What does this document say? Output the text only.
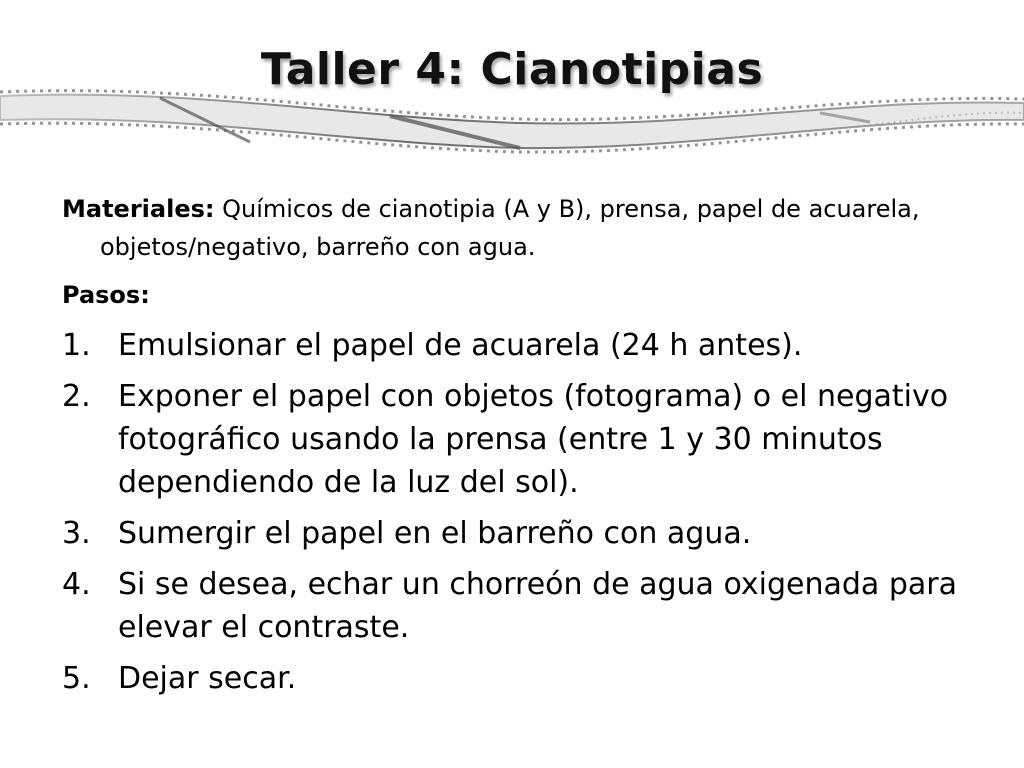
Taller 4: Cianotipias

Materiales: Químicos de cianotipia (A y B), prensa, papel de acuarela, objetos/negativo, barreño con agua.

Pasos:

1. Emulsionar el papel de acuarela (24 h antes).
2. Exponer el papel con objetos (fotograma) o el negativo fotográfico usando la prensa (entre 1 y 30 minutos dependiendo de la luz del sol).
3. Sumergir el papel en el barreño con agua.
4. Si se desea, echar un chorreón de agua oxigenada para elevar el contraste.
5. Dejar secar.
